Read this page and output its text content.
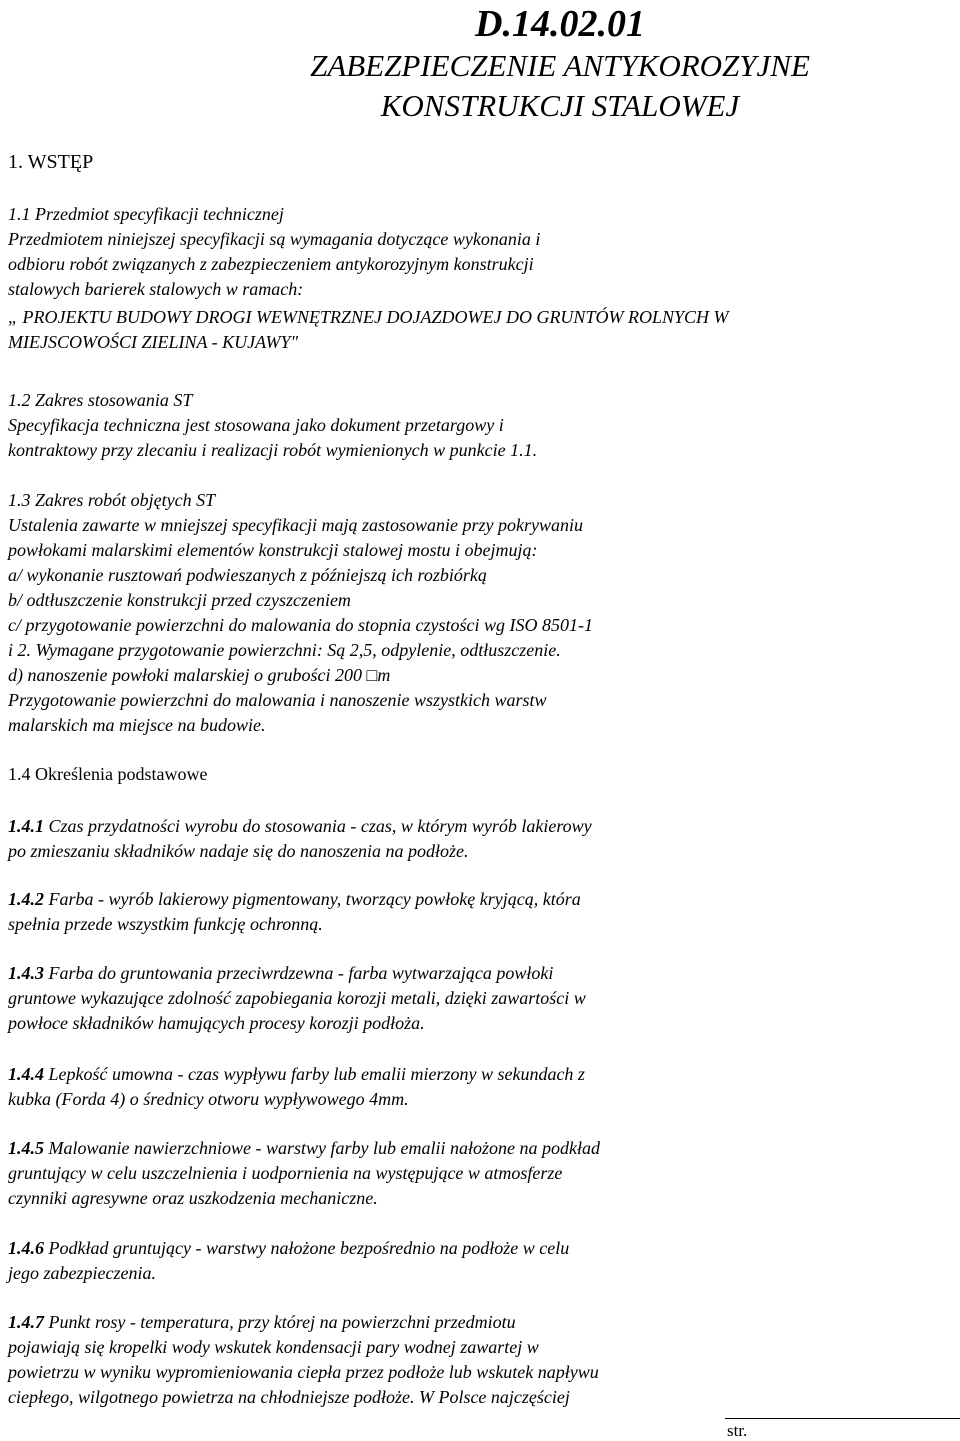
D.14.02.01
ZABEZPIECZENIE ANTYKOROZYJNE
KONSTRUKCJI STALOWEJ
1. WSTĘP

1.1 Przedmiot specyfikacji technicznej

Przedmiotem niniejszej specyfikacji są wymagania dotyczące wykonania i

odbioru robót związanych z zabezpieczeniem antykorozyjnym konstrukcji

stalowych barierek stalowych w ramach:

„ PROJEKTU BUDOWY DROGI WEWNĘTRZNEJ DOJAZDOWEJ DO GRUNTÓW ROLNYCH W

MIEJSCOWOŚCI ZIELINA - KUJAWY"

1.2 Zakres stosowania ST

Specyfikacja techniczna jest stosowana jako dokument przetargowy i

kontraktowy przy zlecaniu i realizacji robót wymienionych w punkcie 1.1.

1.3 Zakres robót objętych ST

Ustalenia zawarte w mniejszej specyfikacji mają zastosowanie przy pokrywaniu

powłokami malarskimi elementów konstrukcji stalowej mostu i obejmują:

a/ wykonanie rusztowań podwieszanych z późniejszą ich rozbiórką

b/ odtłuszczenie konstrukcji przed czyszczeniem

c/ przygotowanie powierzchni do malowania do stopnia czystości wg ISO 8501-1

i 2. Wymagane przygotowanie powierzchni: Są 2,5, odpylenie, odtłuszczenie.

d) nanoszenie powłoki malarskiej o grubości 200 □m

Przygotowanie powierzchni do malowania i nanoszenie wszystkich warstw

malarskich ma miejsce na budowie.

1.4 Określenia podstawowe

1.4.1 Czas przydatności wyrobu do stosowania - czas, w którym wyrób lakierowy

po zmieszaniu składników nadaje się do nanoszenia na podłoże.

1.4.2 Farba - wyrób lakierowy pigmentowany, tworzący powłokę kryjącą, która

spełnia przede wszystkim funkcję ochronną.

1.4.3 Farba do gruntowania przeciwrdzewna - farba wytwarzająca powłoki

gruntowe wykazujące zdolność zapobiegania korozji metali, dzięki zawartości w

powłoce składników hamujących procesy korozji podłoża.

1.4.4 Lepkość umowna - czas wypływu farby lub emalii mierzony w sekundach z

kubka (Forda 4) o średnicy otworu wypływowego 4mm.

1.4.5 Malowanie nawierzchniowe - warstwy farby lub emalii nałożone na podkład

gruntujący w celu uszczelnienia i uodpornienia na występujące w atmosferze

czynniki agresywne oraz uszkodzenia mechaniczne.

1.4.6 Podkład gruntujący - warstwy nałożone bezpośrednio na podłoże w celu

jego zabezpieczenia.

1.4.7 Punkt rosy - temperatura, przy której na powierzchni przedmiotu

pojawiają się kropelki wody wskutek kondensacji pary wodnej zawartej w

powietrzu w wyniku wypromieniowania ciepła przez podłoże lub wskutek napływu

ciepłego, wilgotnego powietrza na chłodniejsze podłoże. W Polsce najczęściej

str.
